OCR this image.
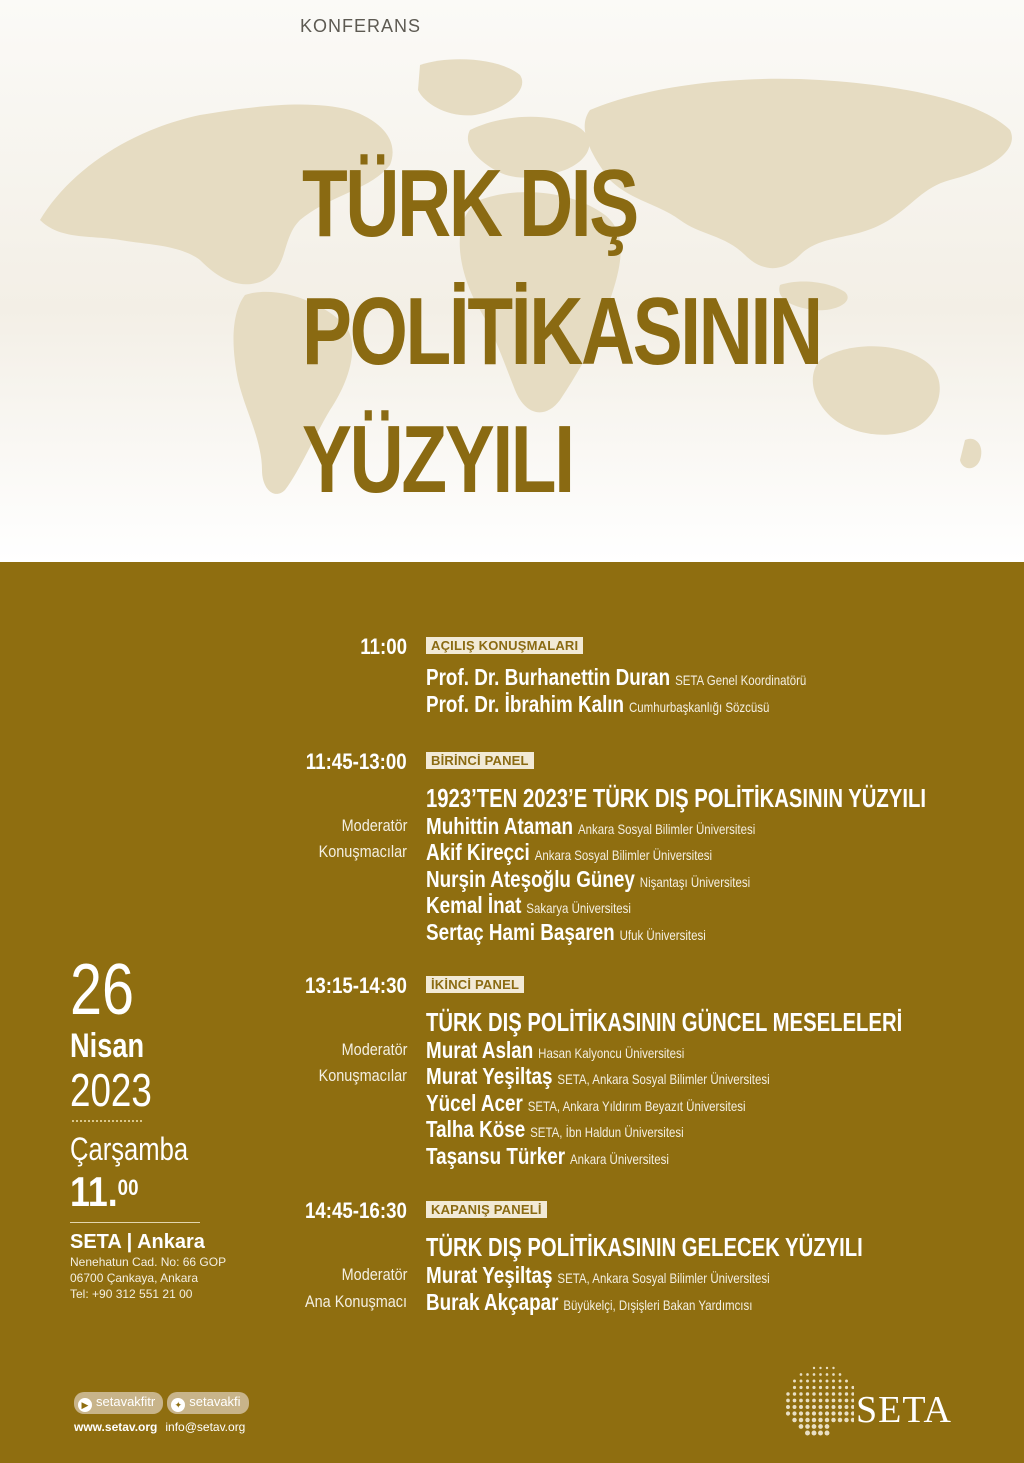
KONFERANS
TÜRK DIŞ
POLİTİKASININ
YÜZYILI
11:00	AÇILIŞ KONUŞMALARI
Prof. Dr. Burhanettin Duran SETA Genel Koordinatörü
Prof. Dr. İbrahim Kalın Cumhurbaşkanlığı Sözcüsü
11:45-13:00	BİRİNCİ PANEL
1923’TEN 2023’E TÜRK DIŞ POLİTİKASININ YÜZYILI
Moderatör Muhittin Ataman Ankara Sosyal Bilimler Üniversitesi
Konuşmacılar Akif Kireçci Ankara Sosyal Bilimler Üniversitesi
Nurşin Ateşoğlu Güney Nişantaşı Üniversitesi
Kemal İnat Sakarya Üniversitesi
Sertaç Hami Başaren Ufuk Üniversitesi
13:15-14:30	İKİNCİ PANEL
TÜRK DIŞ POLİTİKASININ GÜNCEL MESELELERİ
Moderatör Murat Aslan Hasan Kalyoncu Üniversitesi
Konuşmacılar Murat Yeşiltaş SETA, Ankara Sosyal Bilimler Üniversitesi
Yücel Acer SETA, Ankara Yıldırım Beyazıt Üniversitesi
Talha Köse SETA, İbn Haldun Üniversitesi
Taşansu Türker Ankara Üniversitesi
14:45-16:30	KAPANIŞ PANELİ
TÜRK DIŞ POLİTİKASININ GELECEK YÜZYILI
Moderatör Murat Yeşiltaş SETA, Ankara Sosyal Bilimler Üniversitesi
Ana Konuşmacı Burak Akçapar Büyükelçi, Dışişleri Bakan Yardımcısı
26
Nisan
2023
Çarşamba
11.00
SETA | Ankara
Nenehatun Cad. No: 66 GOP
06700 Çankaya, Ankara
Tel: +90 312 551 21 00
▶ setavakfitr ✦ setavakfi
www.setav.org info@setav.org	SETA
